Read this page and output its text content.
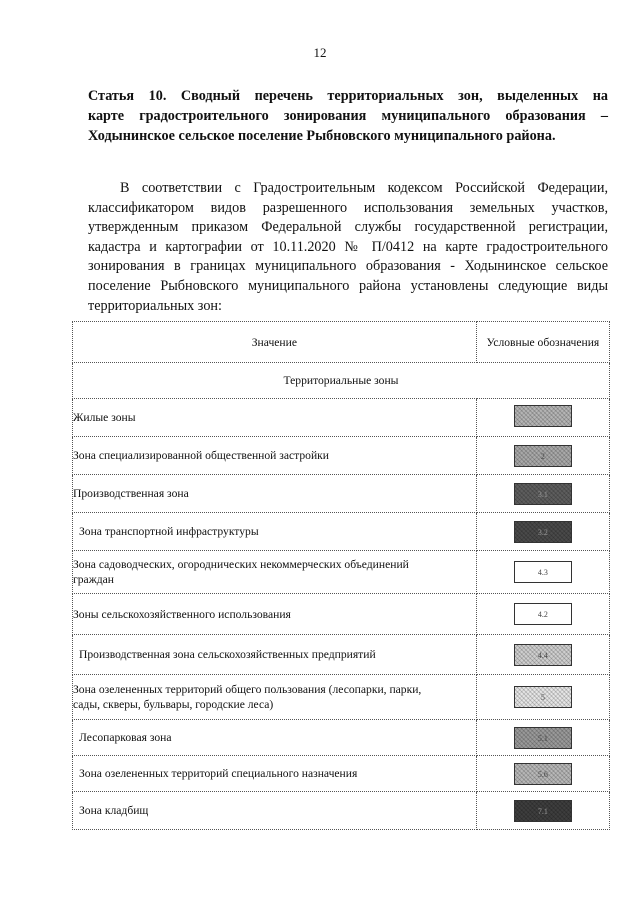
12
Статья 10. Сводный перечень территориальных зон, выделенных на
карте градостроительного зонирования муниципального образования –
Ходынинское сельское поселение Рыбновского муниципального района.
В соответствии с Градостроительным кодексом Российской Федерации,
классификатором видов разрешенного использования земельных участков,
утвержденным приказом Федеральной службы государственной регистрации,
кадастра и картографии от 10.11.2020 № П/0412 на карте градостроительного
зонирования в границах муниципального образования - Ходынинское сельское
поселение Рыбновского муниципального района установлены следующие виды
территориальных зон:
Значение	Условные обозначения
Территориальные зоны	
Жилые зоны	
Зона специализированной общественной застройки	2
Производственная зона	3.1
Зона транспортной инфраструктуры	3.2

Зона садоводческих, огороднических некоммерческих объединений
граждан	4.3
Зоны сельскохозяйственного использования	4.2
Производственная зона сельскохозяйственных предприятий	4.4

Зона озелененных территорий общего пользования (лесопарки, парки,
сады, скверы, бульвары, городские леса)	5
Лесопарковая зона	5.1
Зона озелененных территорий специального назначения	5.6
Зона кладбищ	7.1
